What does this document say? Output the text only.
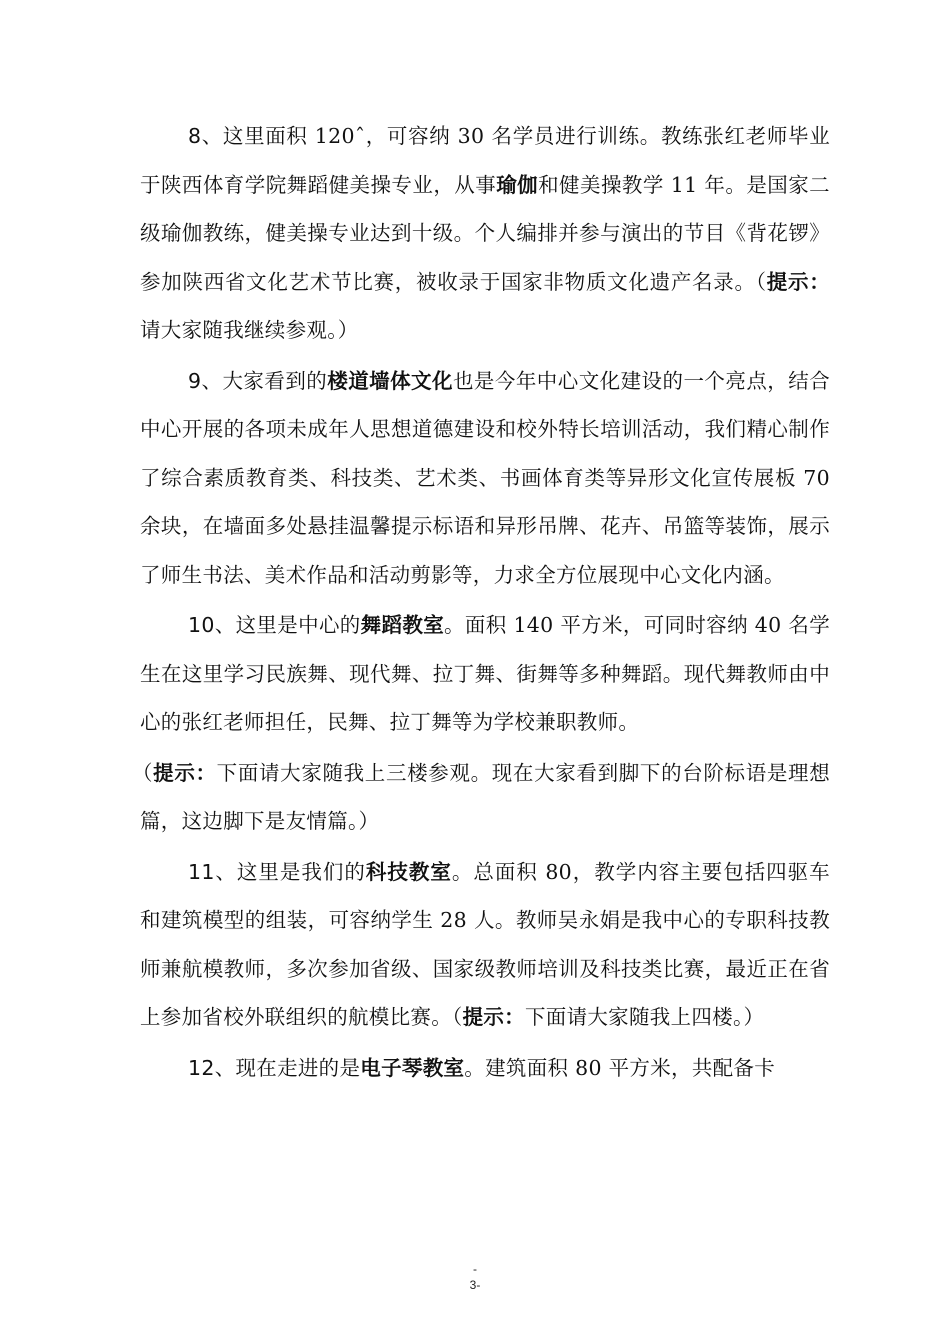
8、这里面积 120ˆ，可容纳 30 名学员进行训练。教练张红老师毕业于陕西体育学院舞蹈健美操专业，从事瑜伽和健美操教学 11 年。是国家二级瑜伽教练，健美操专业达到十级。个人编排并参与演出的节目《背花锣》参加陕西省文化艺术节比赛，被收录于国家非物质文化遗产名录。（提示：请大家随我继续参观。）

9、大家看到的楼道墙体文化也是今年中心文化建设的一个亮点，结合中心开展的各项未成年人思想道德建设和校外特长培训活动，我们精心制作了综合素质教育类、科技类、艺术类、书画体育类等异形文化宣传展板 70 余块，在墙面多处悬挂温馨提示标语和异形吊牌、花卉、吊篮等装饰，展示了师生书法、美术作品和活动剪影等，力求全方位展现中心文化内涵。

10、这里是中心的舞蹈教室。面积 140 平方米，可同时容纳 40 名学生在这里学习民族舞、现代舞、拉丁舞、街舞等多种舞蹈。现代舞教师由中心的张红老师担任，民舞、拉丁舞等为学校兼职教师。

（提示：下面请大家随我上三楼参观。现在大家看到脚下的台阶标语是理想篇，这边脚下是友情篇。）

11、这里是我们的科技教室。总面积 80，教学内容主要包括四驱车和建筑模型的组装，可容纳学生 28 人。教师吴永娟是我中心的专职科技教师兼航模教师，多次参加省级、国家级教师培训及科技类比赛，最近正在省上参加省校外联组织的航模比赛。（提示：下面请大家随我上四楼。）

12、现在走进的是电子琴教室。建筑面积 80 平方米，共配备卡

-
3-
